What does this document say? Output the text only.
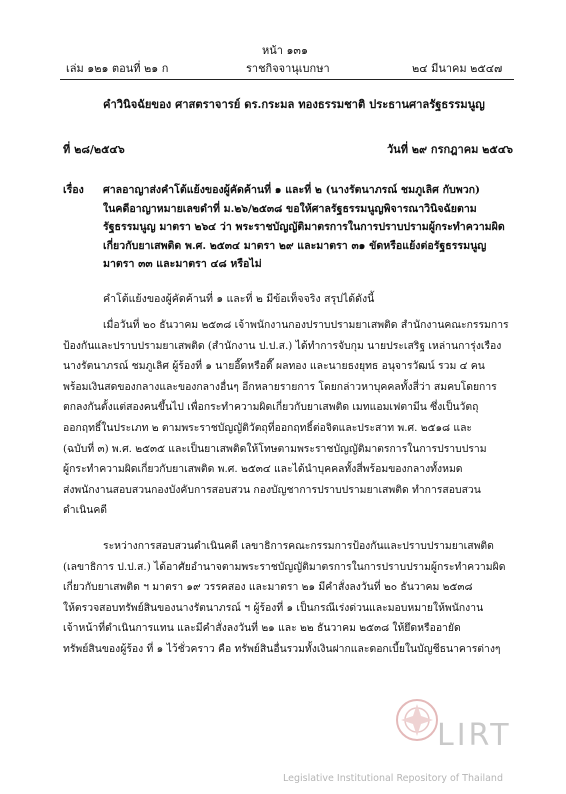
หน้า ๑๓๑
เล่ม ๑๒๑ ตอนที่ ๒๑ ก	ราชกิจจานุเบกษา	๒๔ มีนาคม ๒๕๔๗
คำวินิจฉัยของ ศาสตราจารย์ ดร.กระมล ทองธรรมชาติ ประธานศาลรัฐธรรมนูญ
ที่ ๒๘/๒๕๔๖	วันที่ ๒๙ กรกฎาคม ๒๕๔๖
เรื่อง ศาลอาญาส่งคำโต้แย้งของผู้คัดค้านที่ ๑ และที่ ๒ (นางรัตนาภรณ์ ชมภูเลิศ กับพวก)
ในคดีอาญาหมายเลขดำที่ ม.๒๖/๒๕๓๘ ขอให้ศาลรัฐธรรมนูญพิจารณาวินิจฉัยตาม
รัฐธรรมนูญ มาตรา ๒๖๔ ว่า พระราชบัญญัติมาตรการในการปราบปรามผู้กระทำความผิด
เกี่ยวกับยาเสพติด พ.ศ. ๒๕๓๔ มาตรา ๒๙ และมาตรา ๓๑ ขัดหรือแย้งต่อรัฐธรรมนูญ
มาตรา ๓๓ และมาตรา ๔๘ หรือไม่
คำโต้แย้งของผู้คัดค้านที่ ๑ และที่ ๒ มีข้อเท็จจริง สรุปได้ดังนี้
เมื่อวันที่ ๒๐ ธันวาคม ๒๕๓๘ เจ้าพนักงานกองปราบปรามยาเสพติด สำนักงานคณะกรรมการ
ป้องกันและปราบปรามยาเสพติด (สำนักงาน ป.ป.ส.) ได้ทำการจับกุม นายประเสริฐ เหล่านการุ่งเรือง
นางรัตนาภรณ์ ชมภูเลิศ ผู้ร้องที่ ๑ นายอี๊ดหรือดี๊ ผลทอง และนายธงยุทธ อนุจารวัฒน์ รวม ๔ คน
พร้อมเงินสดของกลางและของกลางอื่นๆ อีกหลายรายการ โดยกล่าวหาบุคคลทั้งสี่ว่า สมคบโดยการ
ตกลงกันตั้งแต่สองคนขึ้นไป เพื่อกระทำความผิดเกี่ยวกับยาเสพติด เมทแอมเฟตามีน ซึ่งเป็นวัตถุ
ออกฤทธิ์ในประเภท ๒ ตามพระราชบัญญัติวัตถุที่ออกฤทธิ์ต่อจิตและประสาท พ.ศ. ๒๕๑๘ และ
(ฉบับที่ ๓) พ.ศ. ๒๕๓๕ และเป็นยาเสพติดให้โทษตามพระราชบัญญัติมาตรการในการปราบปราม
ผู้กระทำความผิดเกี่ยวกับยาเสพติด พ.ศ. ๒๕๓๔ และได้นำบุคคลทั้งสี่พร้อมของกลางทั้งหมด
ส่งพนักงานสอบสวนกองบังคับการสอบสวน กองบัญชาการปราบปรามยาเสพติด ทำการสอบสวน
ดำเนินคดี
ระหว่างการสอบสวนดำเนินคดี เลขาธิการคณะกรรมการป้องกันและปราบปรามยาเสพติด
(เลขาธิการ ป.ป.ส.) ได้อาศัยอำนาจตามพระราชบัญญัติมาตรการในการปราบปรามผู้กระทำความผิด
เกี่ยวกับยาเสพติด ฯ มาตรา ๑๙ วรรคสอง และมาตรา ๒๑ มีคำสั่งลงวันที่ ๒๐ ธันวาคม ๒๕๓๘
ให้ตรวจสอบทรัพย์สินของนางรัตนาภรณ์ ฯ ผู้ร้องที่ ๑ เป็นกรณีเร่งด่วนและมอบหมายให้พนักงาน
เจ้าหน้าที่ดำเนินการแทน และมีคำสั่งลงวันที่ ๒๑ และ ๒๒ ธันวาคม ๒๕๓๘ ให้ยึดหรืออายัด
ทรัพย์สินของผู้ร้อง ที่ ๑ ไว้ชั่วคราว คือ ทรัพย์สินอื่นรวมทั้งเงินฝากและดอกเบี้ยในบัญชีธนาคารต่างๆ
LIRT
Legislative Institutional Repository of Thailand
